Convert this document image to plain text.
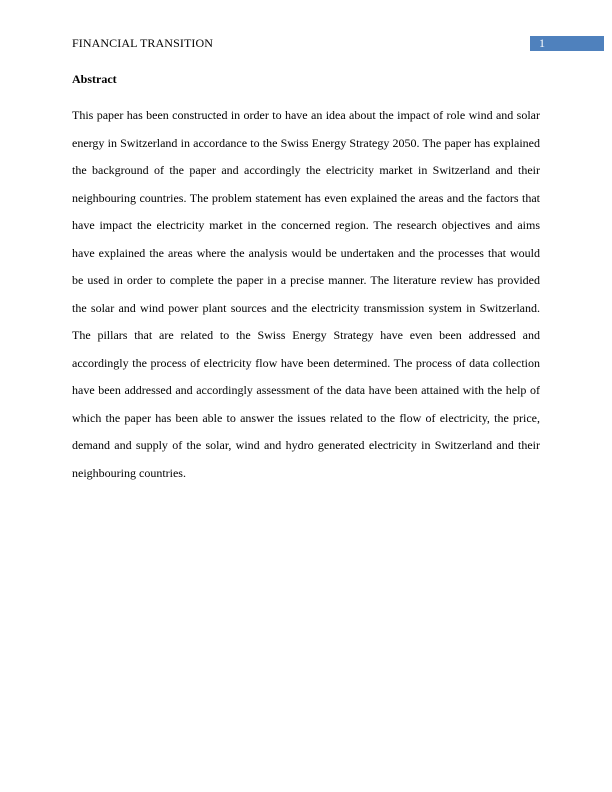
FINANCIAL TRANSITION	1
Abstract

This paper has been constructed in order to have an idea about the impact of role wind and solar energy in Switzerland in accordance to the Swiss Energy Strategy 2050. The paper has explained the background of the paper and accordingly the electricity market in Switzerland and their neighbouring countries. The problem statement has even explained the areas and the factors that have impact the electricity market in the concerned region. The research objectives and aims have explained the areas where the analysis would be undertaken and the processes that would be used in order to complete the paper in a precise manner. The literature review has provided the solar and wind power plant sources and the electricity transmission system in Switzerland. The pillars that are related to the Swiss Energy Strategy have even been addressed and accordingly the process of electricity flow have been determined. The process of data collection have been addressed and accordingly assessment of the data have been attained with the help of which the paper has been able to answer the issues related to the flow of electricity, the price, demand and supply of the solar, wind and hydro generated electricity in Switzerland and their neighbouring countries.
